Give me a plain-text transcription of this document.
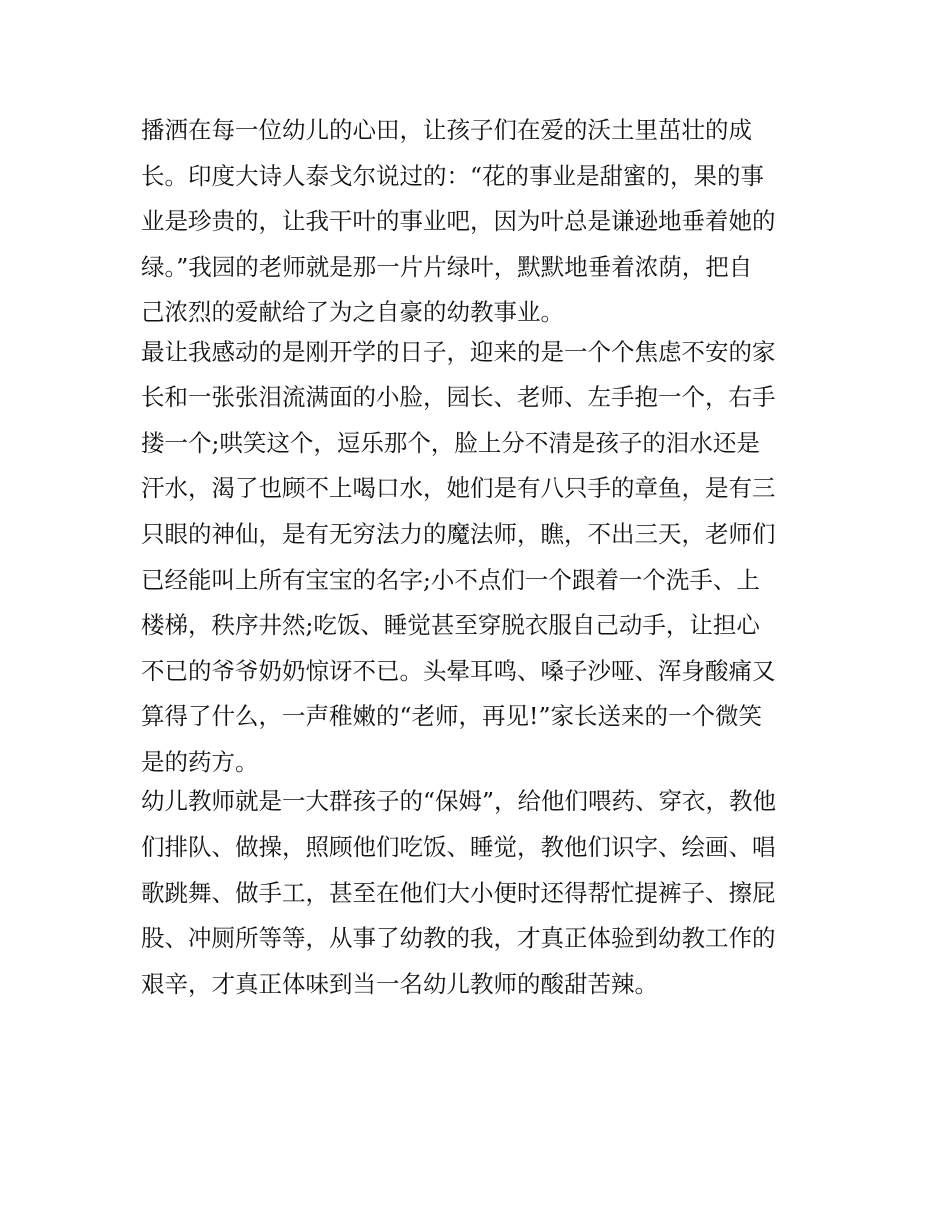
播洒在每一位幼儿的心田，让孩子们在爱的沃土里茁壮的成
长。印度大诗人泰戈尔说过的：“花的事业是甜蜜的，果的事
业是珍贵的，让我干叶的事业吧，因为叶总是谦逊地垂着她的
绿。”我园的老师就是那一片片绿叶，默默地垂着浓荫，把自
己浓烈的爱献给了为之自豪的幼教事业。
最让我感动的是刚开学的日子，迎来的是一个个焦虑不安的家
长和一张张泪流满面的小脸，园长、老师、左手抱一个，右手
搂一个;哄笑这个，逗乐那个，脸上分不清是孩子的泪水还是
汗水，渴了也顾不上喝口水，她们是有八只手的章鱼，是有三
只眼的神仙，是有无穷法力的魔法师，瞧，不出三天，老师们
已经能叫上所有宝宝的名字;小不点们一个跟着一个洗手、上
楼梯，秩序井然;吃饭、睡觉甚至穿脱衣服自己动手，让担心
不已的爷爷奶奶惊讶不已。头晕耳鸣、嗓子沙哑、浑身酸痛又
算得了什么，一声稚嫩的“老师，再见!”家长送来的一个微笑
是的药方。
幼儿教师就是一大群孩子的“保姆”，给他们喂药、穿衣，教他
们排队、做操，照顾他们吃饭、睡觉，教他们识字、绘画、唱
歌跳舞、做手工，甚至在他们大小便时还得帮忙提裤子、擦屁
股、冲厕所等等，从事了幼教的我，才真正体验到幼教工作的
艰辛，才真正体味到当一名幼儿教师的酸甜苦辣。
